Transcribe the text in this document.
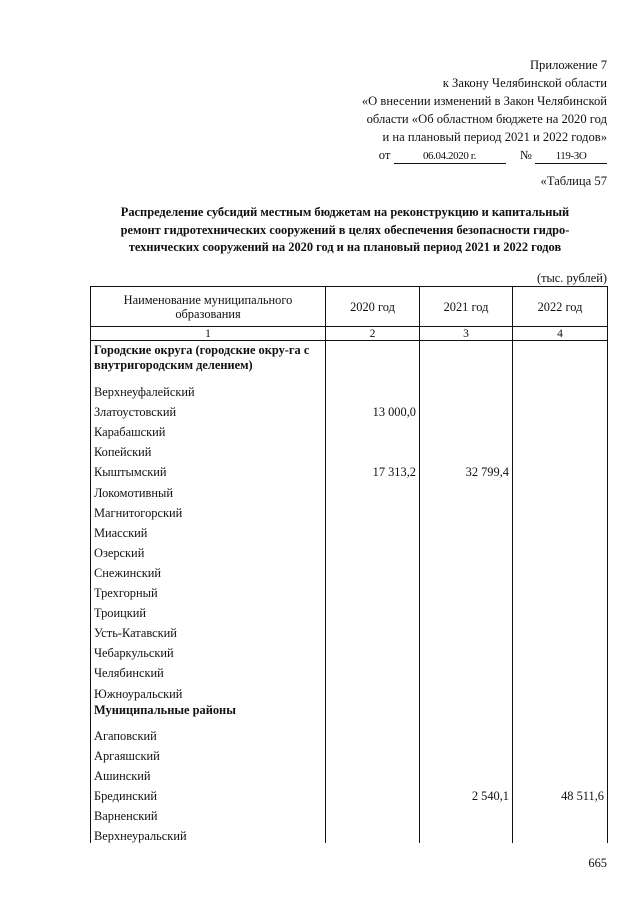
Приложение 7
к Закону Челябинской области
«О внесении изменений в Закон Челябинской
области «Об областном бюджете на 2020 год
и на плановый период 2021 и 2022 годов»
от	06.04.2020 г.	№ 119-ЗО
«Таблица 57
Распределение субсидий местным бюджетам на реконструкцию и капитальный
ремонт гидротехнических сооружений в целях обеспечения безопасности гидро-
технических сооружений на 2020 год и на плановый период 2021 и 2022 годов
(тыс. рублей)
Наименование муниципального образования	2020 год	2021 год	2022 год
1	2	3	4
Городские округа (городские окру-га с внутригородским делением)			
Верхнеуфалейский			
Златоустовский	13 000,0		
Карабашский			
Копейский			
Кыштымский	17 313,2	32 799,4	
Локомотивный			
Магнитогорский			
Миасский			
Озерский			
Снежинский			
Трехгорный			
Троицкий			
Усть-Катавский			
Чебаркульский			
Челябинский			
Южноуральский			
Муниципальные районы			
Агаповский			
Аргаяшский			
Ашинский			
Брединский		2 540,1	48 511,6
Варненский			
Верхнеуральский			
665
